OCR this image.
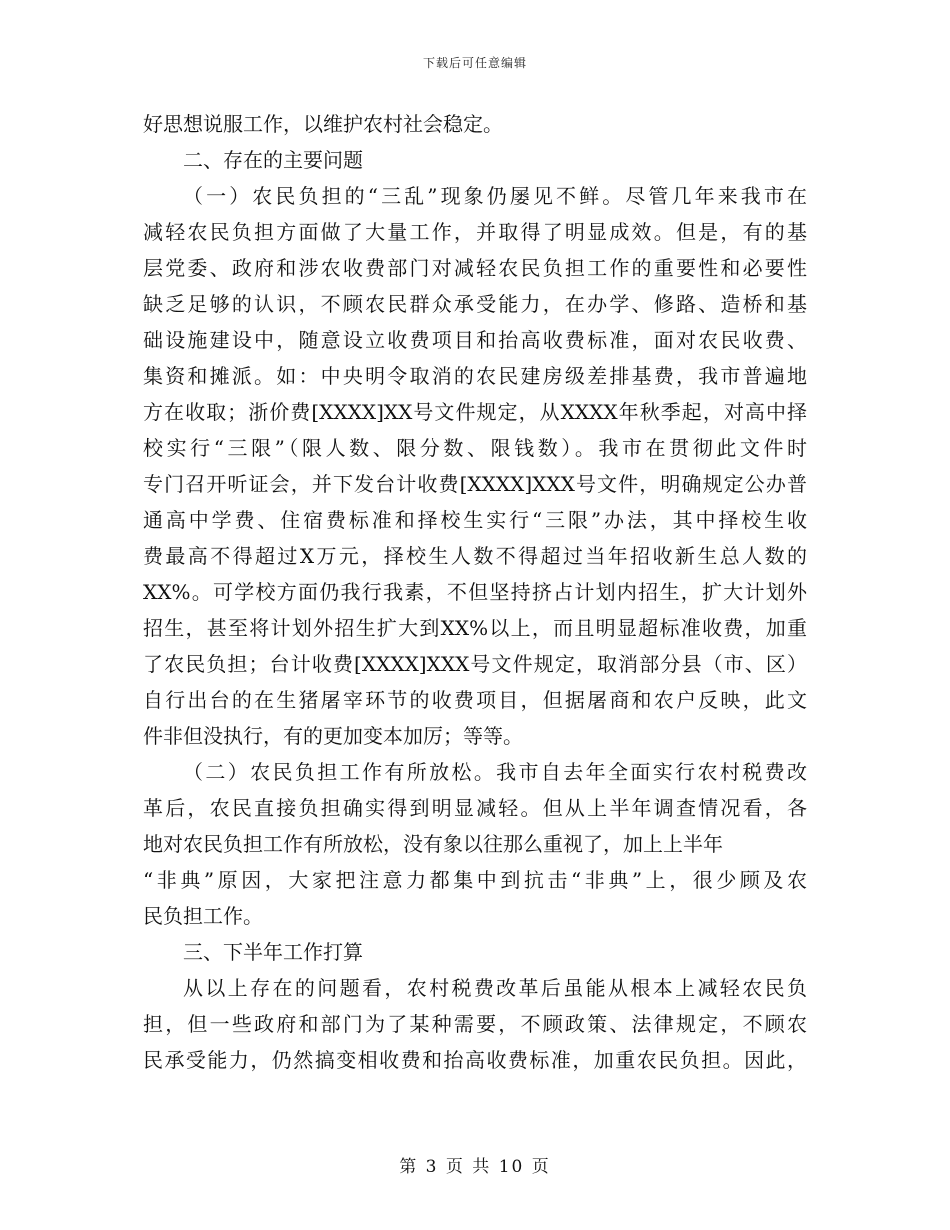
下载后可任意编辑
好思想说服工作，以维护农村社会稳定。
二、存在的主要问题
（一）农民负担的“三乱”现象仍屡见不鲜。尽管几年来我市在
减轻农民负担方面做了大量工作，并取得了明显成效。但是，有的基
层党委、政府和涉农收费部门对减轻农民负担工作的重要性和必要性
缺乏足够的认识，不顾农民群众承受能力，在办学、修路、造桥和基
础设施建设中，随意设立收费项目和抬高收费标准，面对农民收费、
集资和摊派。如：中央明令取消的农民建房级差排基费，我市普遍地
方在收取；浙价费[XXXX]XX号文件规定，从XXXX年秋季起，对高中择
校实行“三限”（限人数、限分数、限钱数）。我市在贯彻此文件时
专门召开听证会，并下发台计收费[XXXX]XXX号文件，明确规定公办普
通高中学费、住宿费标准和择校生实行“三限”办法，其中择校生收
费最高不得超过X万元，择校生人数不得超过当年招收新生总人数的
XX%。可学校方面仍我行我素，不但坚持挤占计划内招生，扩大计划外
招生，甚至将计划外招生扩大到XX%以上，而且明显超标准收费，加重
了农民负担；台计收费[XXXX]XXX号文件规定，取消部分县（市、区）
自行出台的在生猪屠宰环节的收费项目，但据屠商和农户反映，此文
件非但没执行，有的更加变本加厉；等等。
（二）农民负担工作有所放松。我市自去年全面实行农村税费改
革后，农民直接负担确实得到明显减轻。但从上半年调查情况看，各
地对农民负担工作有所放松，没有象以往那么重视了，加上上半年
“非典”原因，大家把注意力都集中到抗击“非典”上，很少顾及农
民负担工作。
三、下半年工作打算
从以上存在的问题看，农村税费改革后虽能从根本上减轻农民负
担，但一些政府和部门为了某种需要，不顾政策、法律规定，不顾农
民承受能力，仍然搞变相收费和抬高收费标准，加重农民负担。因此，
第 3 页 共 10 页
